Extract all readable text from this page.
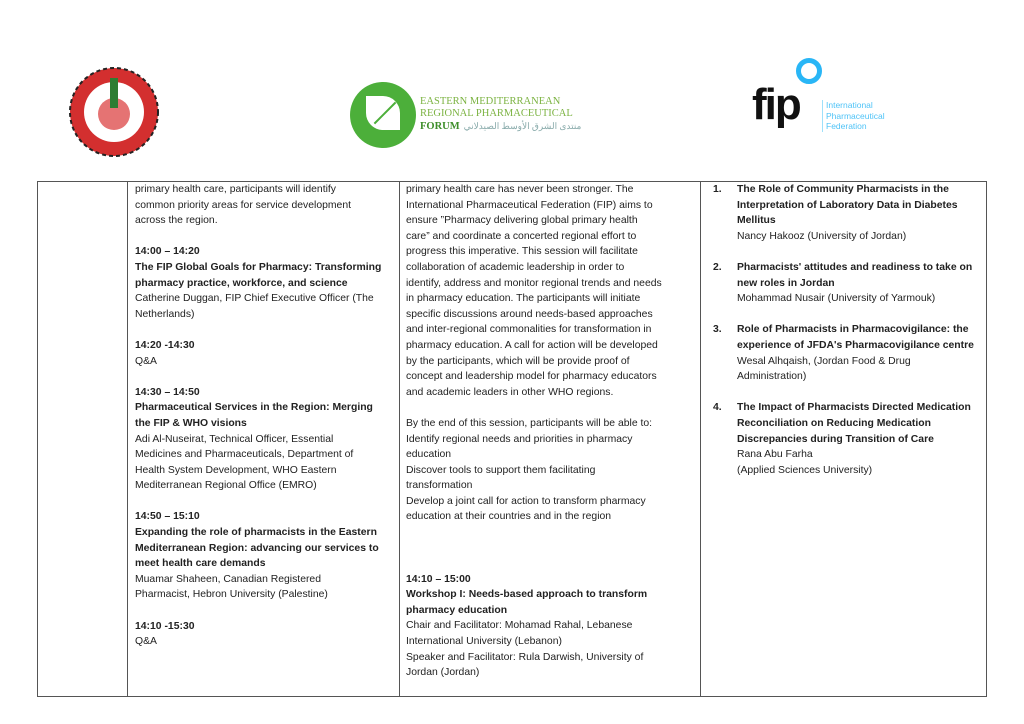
EASTERN MEDITERRANEAN
REGIONAL PHARMACEUTICAL
FORUM منتدى الشرق الأوسط الصيدلاني	fip	International
Pharmaceutical
Federation

primary health care, participants will identify
common priority areas for service development
across the region.

14:00 – 14:20
The FIP Global Goals for Pharmacy: Transforming
pharmacy practice, workforce, and science
Catherine Duggan, FIP Chief Executive Officer (The
Netherlands)

14:20 -14:30
Q&A

14:30 – 14:50
Pharmaceutical Services in the Region: Merging
the FIP & WHO visions
Adi Al-Nuseirat, Technical Officer, Essential
Medicines and Pharmaceuticals, Department of
Health System Development, WHO Eastern
Mediterranean Regional Office (EMRO)

14:50 – 15:10
Expanding the role of pharmacists in the Eastern
Mediterranean Region: advancing our services to
meet health care demands
Muamar Shaheen, Canadian Registered
Pharmacist, Hebron University (Palestine)

14:10 -15:30
Q&A

primary health care has never been stronger. The
International Pharmaceutical Federation (FIP) aims to
ensure ”Pharmacy delivering global primary health
care” and coordinate a concerted regional effort to
progress this imperative. This session will facilitate
collaboration of academic leadership in order to
identify, address and monitor regional trends and needs
in pharmacy education. The participants will initiate
specific discussions around needs-based approaches
and inter-regional commonalities for transformation in
pharmacy education. A call for action will be developed
by the participants, which will be provide proof of
concept and leadership model for pharmacy educators
and academic leaders in other WHO regions.

By the end of this session, participants will be able to:
Identify regional needs and priorities in pharmacy
education
Discover tools to support them facilitating
transformation
Develop a joint call for action to transform pharmacy
education at their countries and in the region

14:10 – 15:00
Workshop I: Needs-based approach to transform
pharmacy education
Chair and Facilitator: Mohamad Rahal, Lebanese
International University (Lebanon)
Speaker and Facilitator: Rula Darwish, University of
Jordan (Jordan)

1.	The Role of Community Pharmacists in the
Interpretation of Laboratory Data in Diabetes
Mellitus
Nancy Hakooz (University of Jordan)

2.	Pharmacists' attitudes and readiness to take on
new roles in Jordan
Mohammad Nusair (University of Yarmouk)

3.	Role of Pharmacists in Pharmacovigilance: the
experience of JFDA's Pharmacovigilance centre
Wesal Alhqaish, (Jordan Food & Drug
Administration)

4.	The Impact of Pharmacists Directed Medication
Reconciliation on Reducing Medication
Discrepancies during Transition of Care
Rana Abu Farha
(Applied Sciences University)
